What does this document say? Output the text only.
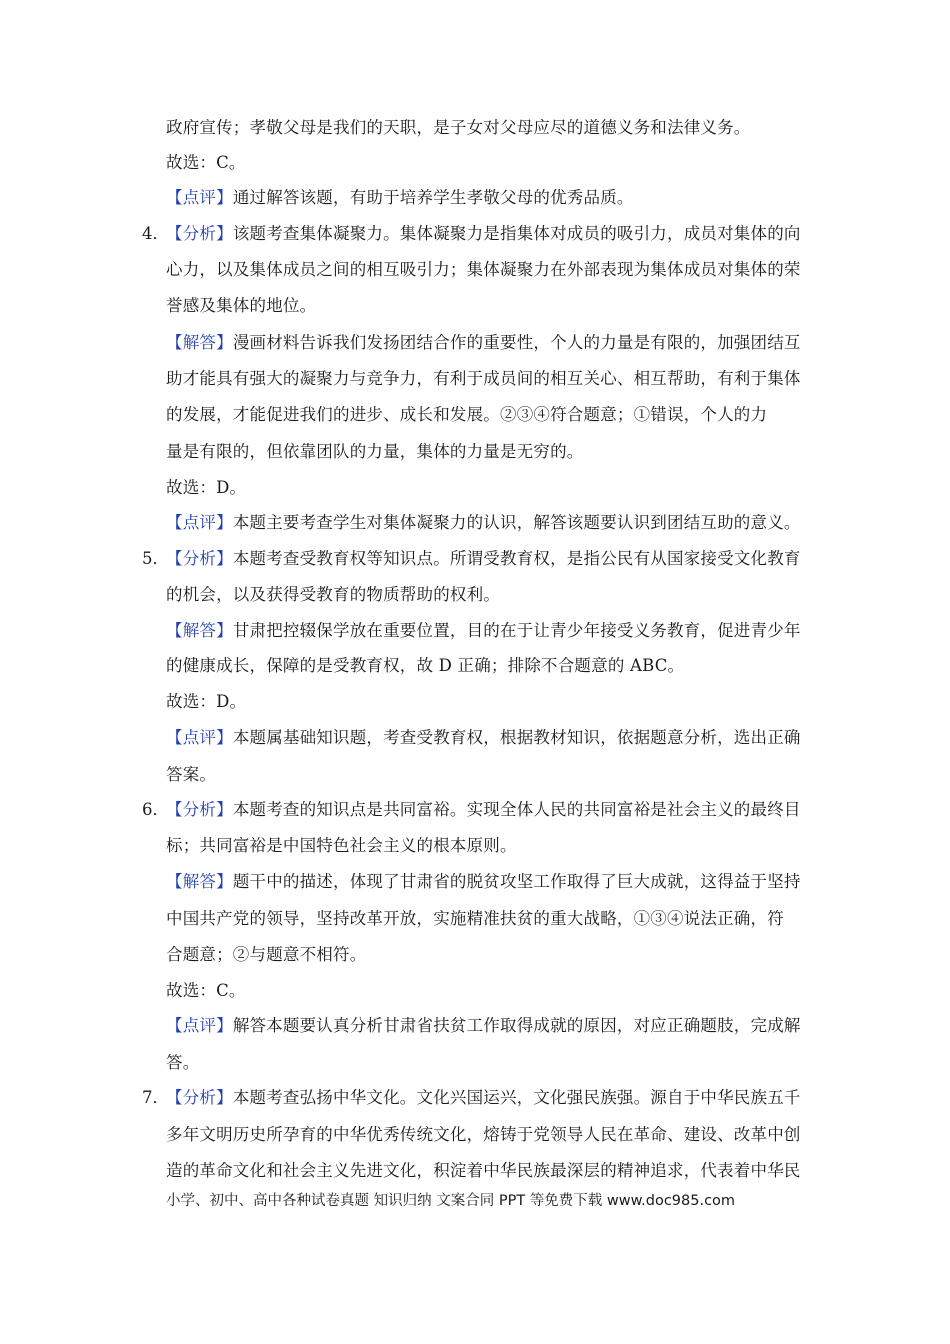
政府宣传；孝敬父母是我们的天职，是子女对父母应尽的道德义务和法律义务。
故选：C。
【点评】通过解答该题，有助于培养学生孝敬父母的优秀品质。
4．
【分析】该题考查集体凝聚力。集体凝聚力是指集体对成员的吸引力，成员对集体的向
心力，以及集体成员之间的相互吸引力；集体凝聚力在外部表现为集体成员对集体的荣
誉感及集体的地位。
【解答】漫画材料告诉我们发扬团结合作的重要性，个人的力量是有限的，加强团结互
助才能具有强大的凝聚力与竞争力，有利于成员间的相互关心、相互帮助，有利于集体
的发展，才能促进我们的进步、成长和发展。②③④符合题意；①错误，个人的力
量是有限的，但依靠团队的力量，集体的力量是无穷的。
故选：D。
【点评】本题主要考查学生对集体凝聚力的认识，解答该题要认识到团结互助的意义。
5．
【分析】本题考查受教育权等知识点。所谓受教育权，是指公民有从国家接受文化教育
的机会，以及获得受教育的物质帮助的权利。
【解答】甘肃把控辍保学放在重要位置，目的在于让青少年接受义务教育，促进青少年
的健康成长，保障的是受教育权，故 D 正确；排除不合题意的 ABC。
故选：D。
【点评】本题属基础知识题，考查受教育权，根据教材知识，依据题意分析，选出正确
答案。
6．
【分析】本题考查的知识点是共同富裕。实现全体人民的共同富裕是社会主义的最终目
标；共同富裕是中国特色社会主义的根本原则。
【解答】题干中的描述，体现了甘肃省的脱贫攻坚工作取得了巨大成就，这得益于坚持
中国共产党的领导，坚持改革开放，实施精准扶贫的重大战略，①③④说法正确，符
合题意；②与题意不相符。
故选：C。
【点评】解答本题要认真分析甘肃省扶贫工作取得成就的原因，对应正确题肢，完成解
答。
7．
【分析】本题考查弘扬中华文化。文化兴国运兴，文化强民族强。源自于中华民族五千
多年文明历史所孕育的中华优秀传统文化，熔铸于党领导人民在革命、建设、改革中创
造的革命文化和社会主义先进文化，积淀着中华民族最深层的精神追求，代表着中华民
小学、初中、高中各种试卷真题 知识归纳 文案合同 PPT 等免费下载 www.doc985.com
